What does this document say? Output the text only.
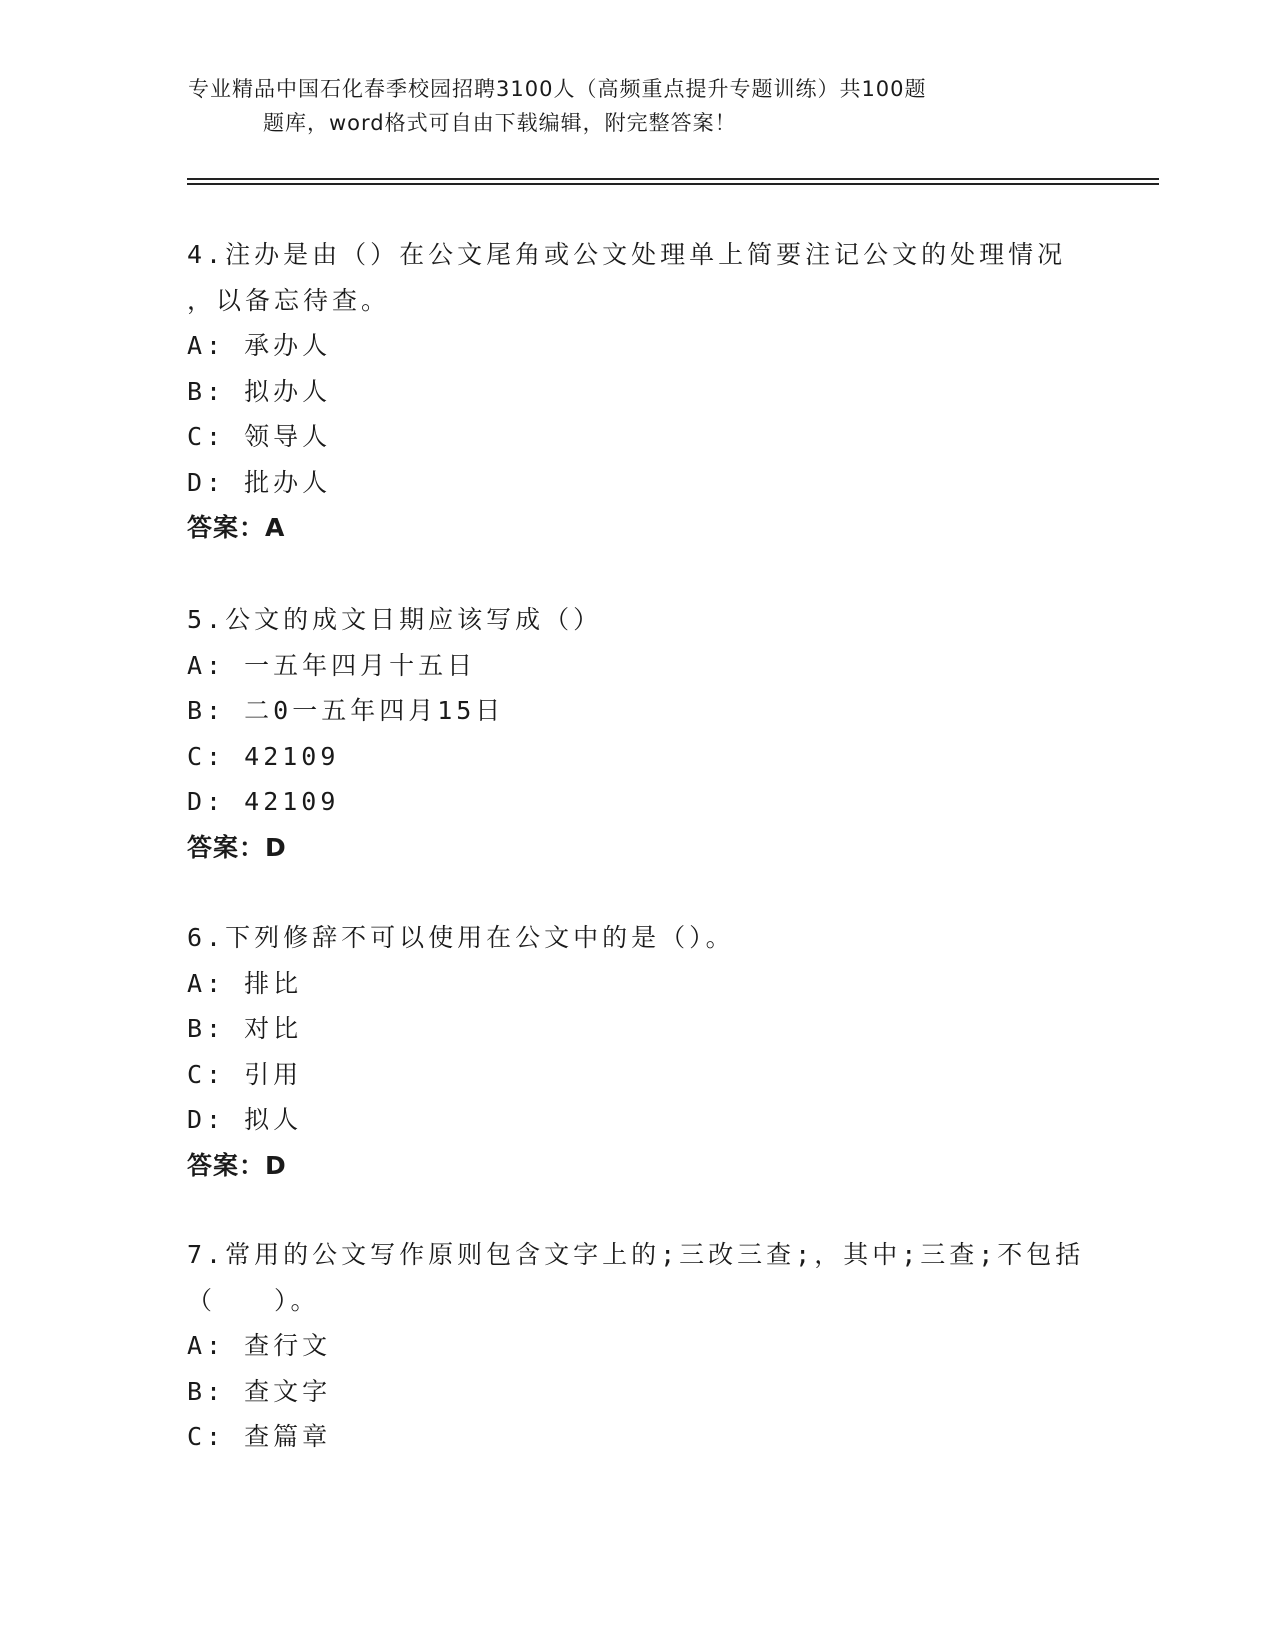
专业精品中国石化春季校园招聘3100人（高频重点提升专题训练）共100题
题库，word格式可自由下载编辑，附完整答案！
4.注办是由（）在公文尾角或公文处理单上简要注记公文的处理情况
，以备忘待查。
A: 承办人
B: 拟办人
C: 领导人
D: 批办人
答案：A
5.公文的成文日期应该写成（）
A: 一五年四月十五日
B: 二0一五年四月15日
C: 42109
D: 42109
答案：D
6.下列修辞不可以使用在公文中的是（）。
A: 排比
B: 对比
C: 引用
D: 拟人
答案：D
7.常用的公文写作原则包含文字上的;三改三查;，其中;三查;不包括
（　　）。
A: 查行文
B: 查文字
C: 查篇章
